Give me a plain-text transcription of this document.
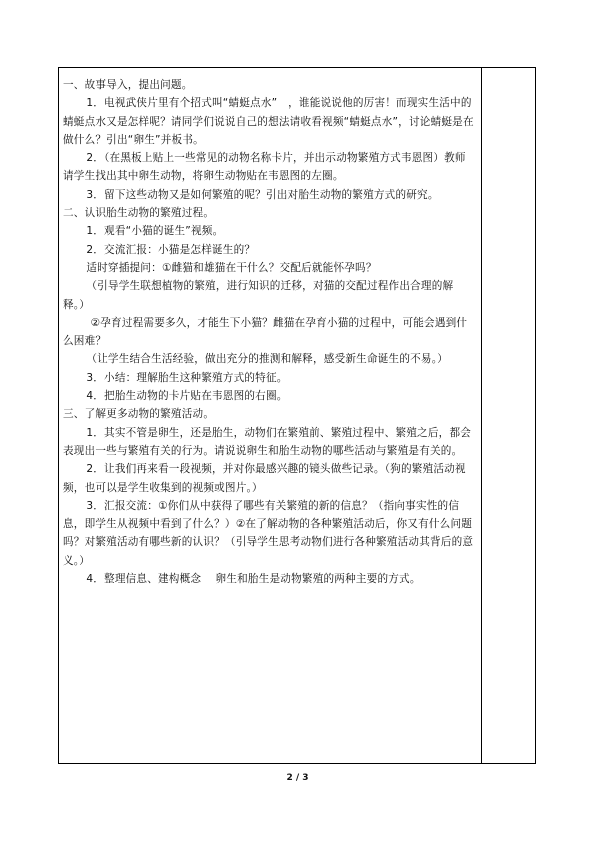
一、故事导入，提出问题。

1．电视武侠片里有个招式叫“蜻蜓点水”　，谁能说说他的厉害！而现实生活中的蜻蜓点水又是怎样呢？请同学们说说自己的想法请收看视频“蜻蜓点水”，讨论蜻蜓是在做什么？引出“卵生”并板书。

2．（在黑板上贴上一些常见的动物名称卡片，并出示动物繁殖方式韦恩图）教师请学生找出其中卵生动物，将卵生动物贴在韦恩图的左圈。

3．留下这些动物又是如何繁殖的呢？引出对胎生动物的繁殖方式的研究。

二、认识胎生动物的繁殖过程。

1．观看“小猫的诞生”视频。

2．交流汇报：小猫是怎样诞生的？

适时穿插提问：①雌猫和雄猫在干什么？交配后就能怀孕吗？

（引导学生联想植物的繁殖，进行知识的迁移，对猫的交配过程作出合理的解释。）

②孕育过程需要多久，才能生下小猫？雌猫在孕育小猫的过程中，可能会遇到什么困难？

（让学生结合生活经验，做出充分的推测和解释，感受新生命诞生的不易。）

3．小结：理解胎生这种繁殖方式的特征。

4．把胎生动物的卡片贴在韦恩图的右圈。

三、了解更多动物的繁殖活动。

1．其实不管是卵生，还是胎生，动物们在繁殖前、繁殖过程中、繁殖之后，都会表现出一些与繁殖有关的行为。请说说卵生和胎生动物的哪些活动与繁殖是有关的。

2．让我们再来看一段视频，并对你最感兴趣的镜头做些记录。（狗的繁殖活动视频，也可以是学生收集到的视频或图片。）

3．汇报交流：①你们从中获得了哪些有关繁殖的新的信息？（指向事实性的信息，即学生从视频中看到了什么？）②在了解动物的各种繁殖活动后，你又有什么问题吗？对繁殖活动有哪些新的认识？（引导学生思考动物们进行各种繁殖活动其背后的意义。）

4．整理信息、建构概念　 卵生和胎生是动物繁殖的两种主要的方式。

2 / 3
